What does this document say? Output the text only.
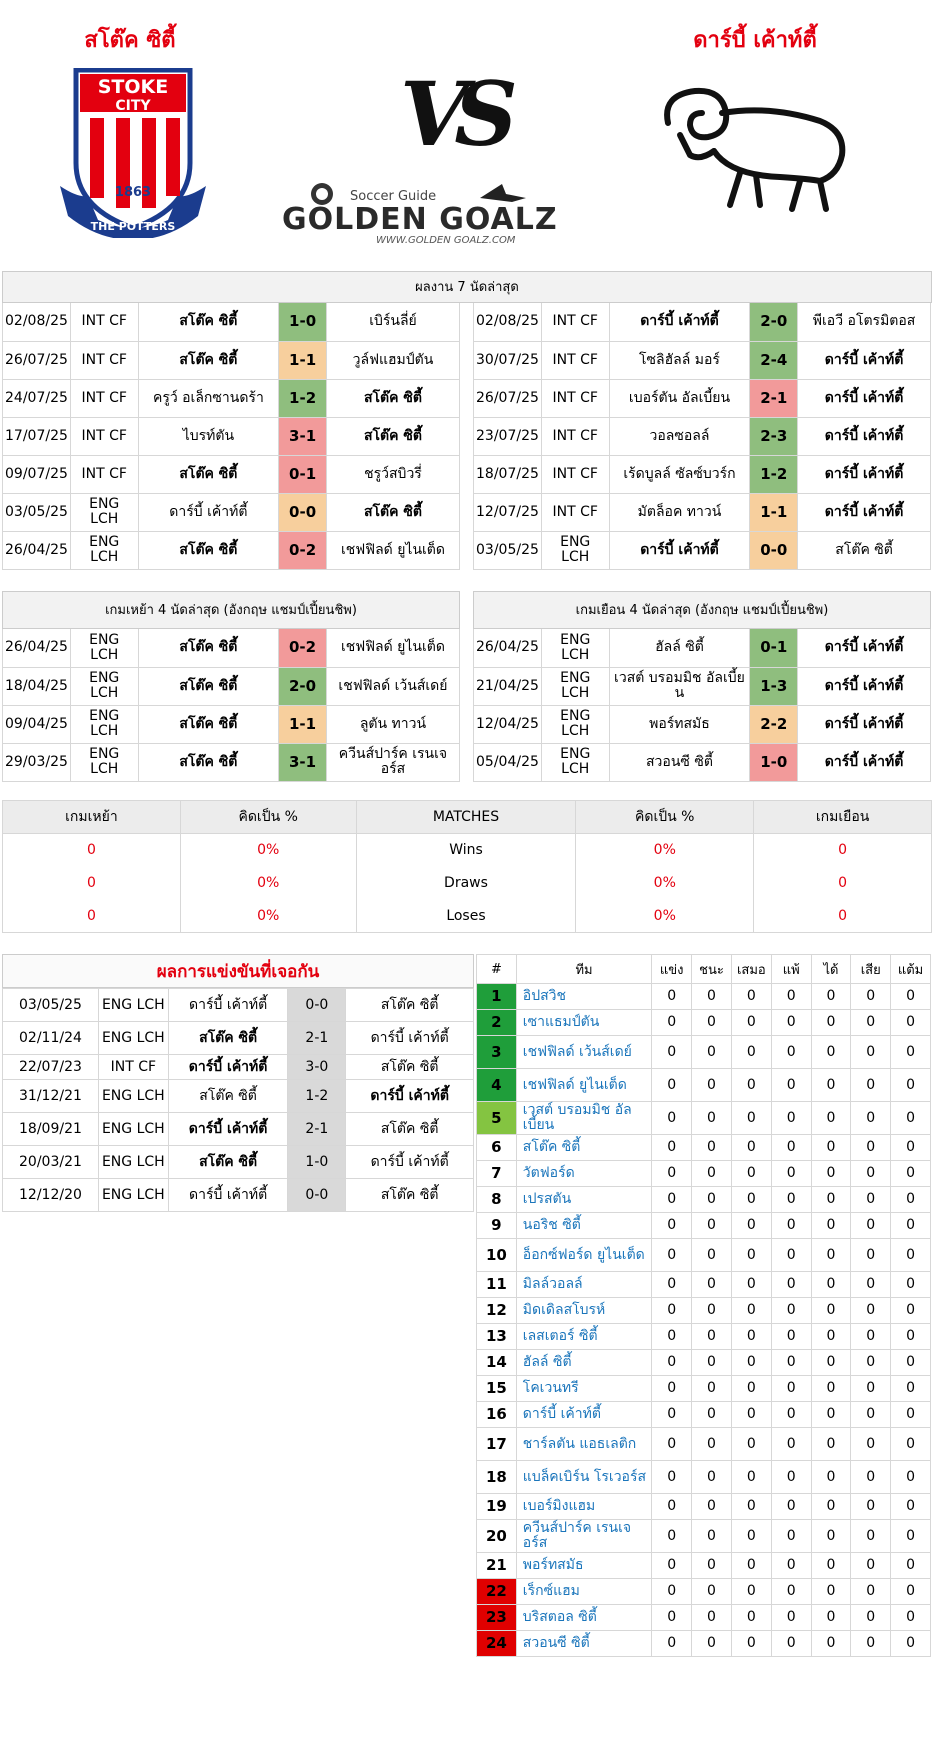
สโต๊ค ซิตี้	ดาร์บี้ เค้าท์ตี้
STOKE
CITY
1863
THE POTTERS
VS
Soccer Guide
GOLDEN GOALZ
WWW.GOLDEN GOALZ.COM
ผลงาน 7 นัดล่าสุด
02/08/25	INT CF	สโต๊ค ซิตี้	1-0	เบิร์นลี่ย์
26/07/25	INT CF	สโต๊ค ซิตี้	1-1	วูล์ฟแฮมป์ตัน
24/07/25	INT CF	ครูว์ อเล็กซานดร้า	1-2	สโต๊ค ซิตี้
17/07/25	INT CF	ไบรท์ตัน	3-1	สโต๊ค ซิตี้
09/07/25	INT CF	สโต๊ค ซิตี้	0-1	ชรูว์สบิวรี่
03/05/25	ENG LCH	ดาร์บี้ เค้าท์ตี้	0-0	สโต๊ค ซิตี้
26/04/25	ENG LCH	สโต๊ค ซิตี้	0-2	เชฟฟิลด์ ยูไนเต็ด
02/08/25	INT CF	ดาร์บี้ เค้าท์ตี้	2-0	พีเอวี อโตรมิตอส
30/07/25	INT CF	โซลิฮัลล์ มอร์	2-4	ดาร์บี้ เค้าท์ตี้
26/07/25	INT CF	เบอร์ตัน อัลเบี้ยน	2-1	ดาร์บี้ เค้าท์ตี้
23/07/25	INT CF	วอลซอลล์	2-3	ดาร์บี้ เค้าท์ตี้
18/07/25	INT CF	เร้ดบูลล์ ซัลซ์บวร์ก	1-2	ดาร์บี้ เค้าท์ตี้
12/07/25	INT CF	มัตล็อค ทาวน์	1-1	ดาร์บี้ เค้าท์ตี้
03/05/25	ENG LCH	ดาร์บี้ เค้าท์ตี้	0-0	สโต๊ค ซิตี้
เกมเหย้า 4 นัดล่าสุด (อังกฤษ แชมป์เปี้ยนชิพ)	เกมเยือน 4 นัดล่าสุด (อังกฤษ แชมป์เปี้ยนชิพ)
26/04/25	ENG LCH	สโต๊ค ซิตี้	0-2	เชฟฟิลด์ ยูไนเต็ด
18/04/25	ENG LCH	สโต๊ค ซิตี้	2-0	เชฟฟิลด์ เว้นส์เดย์
09/04/25	ENG LCH	สโต๊ค ซิตี้	1-1	ลูตัน ทาวน์
29/03/25	ENG LCH	สโต๊ค ซิตี้	3-1	ควีนส์ปาร์ค เรนเจอร์ส
26/04/25	ENG LCH	ฮัลล์ ซิตี้	0-1	ดาร์บี้ เค้าท์ตี้
21/04/25	ENG LCH	เวสต์ บรอมมิช อัลเบี้ยน	1-3	ดาร์บี้ เค้าท์ตี้
12/04/25	ENG LCH	พอร์ทสมัธ	2-2	ดาร์บี้ เค้าท์ตี้
05/04/25	ENG LCH	สวอนซี ซิตี้	1-0	ดาร์บี้ เค้าท์ตี้
เกมเหย้า	คิดเป็น %	MATCHES	คิดเป็น %	เกมเยือน
0	0%	Wins	0%	0
0	0%	Draws	0%	0
0	0%	Loses	0%	0
ผลการแข่งขันที่เจอกัน
03/05/25	ENG LCH	ดาร์บี้ เค้าท์ตี้	0-0	สโต๊ค ซิตี้
02/11/24	ENG LCH	สโต๊ค ซิตี้	2-1	ดาร์บี้ เค้าท์ตี้
22/07/23	INT CF	ดาร์บี้ เค้าท์ตี้	3-0	สโต๊ค ซิตี้
31/12/21	ENG LCH	สโต๊ค ซิตี้	1-2	ดาร์บี้ เค้าท์ตี้
18/09/21	ENG LCH	ดาร์บี้ เค้าท์ตี้	2-1	สโต๊ค ซิตี้
20/03/21	ENG LCH	สโต๊ค ซิตี้	1-0	ดาร์บี้ เค้าท์ตี้
12/12/20	ENG LCH	ดาร์บี้ เค้าท์ตี้	0-0	สโต๊ค ซิตี้
#	ทีม	แข่ง	ชนะ	เสมอ	แพ้	ได้	เสีย	แต้ม
1	อิปสวิช	0	0	0	0	0	0	0
2	เซาแธมป์ตัน	0	0	0	0	0	0	0
3	เชฟฟิลด์ เว้นส์เดย์	0	0	0	0	0	0	0
4	เชฟฟิลด์ ยูไนเต็ด	0	0	0	0	0	0	0
5	เวสต์ บรอมมิช อัลเบี้ยน	0	0	0	0	0	0	0
6	สโต๊ค ซิตี้	0	0	0	0	0	0	0
7	วัตฟอร์ด	0	0	0	0	0	0	0
8	เปรสตัน	0	0	0	0	0	0	0
9	นอริช ซิตี้	0	0	0	0	0	0	0
10	อ็อกซ์ฟอร์ด ยูไนเต็ด	0	0	0	0	0	0	0
11	มิลล์วอลล์	0	0	0	0	0	0	0
12	มิดเดิลสโบรห์	0	0	0	0	0	0	0
13	เลสเตอร์ ซิตี้	0	0	0	0	0	0	0
14	ฮัลล์ ซิตี้	0	0	0	0	0	0	0
15	โคเวนทรี	0	0	0	0	0	0	0
16	ดาร์บี้ เค้าท์ตี้	0	0	0	0	0	0	0
17	ชาร์ลตัน แอธเลติก	0	0	0	0	0	0	0
18	แบล็คเบิร์น โรเวอร์ส	0	0	0	0	0	0	0
19	เบอร์มิงแฮม	0	0	0	0	0	0	0
20	ควีนส์ปาร์ค เรนเจอร์ส	0	0	0	0	0	0	0
21	พอร์ทสมัธ	0	0	0	0	0	0	0
22	เร็กซ์แฮม	0	0	0	0	0	0	0
23	บริสตอล ซิตี้	0	0	0	0	0	0	0
24	สวอนซี ซิตี้	0	0	0	0	0	0	0
